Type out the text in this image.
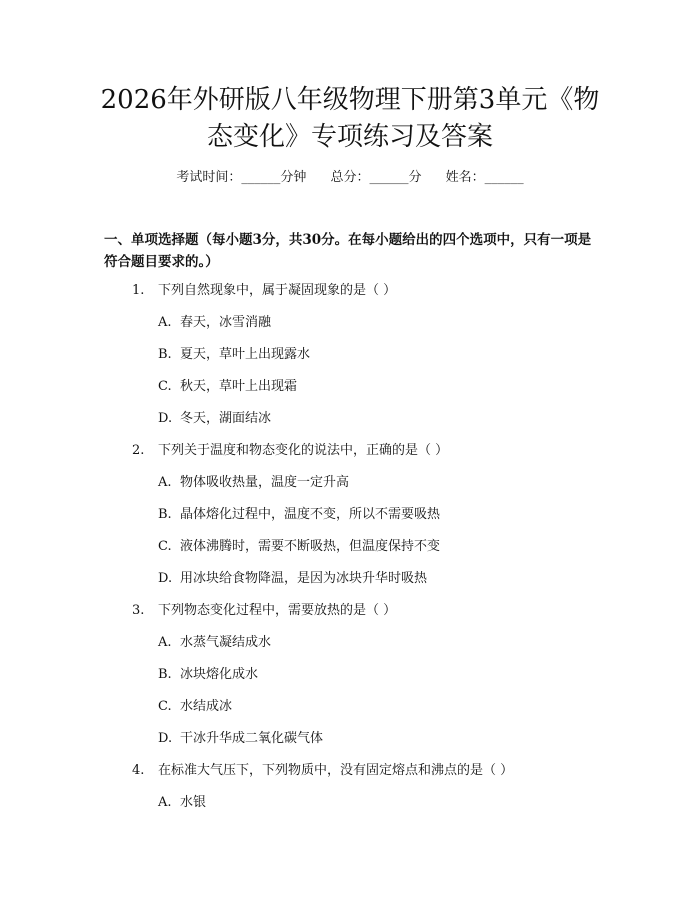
2026年外研版八年级物理下册第3单元《物
态变化》专项练习及答案
考试时间：______分钟 总分：______分 姓名：______

一、单项选择题（每小题3分，共30分。在每小题给出的四个选项中，只有一项是符合题目要求的。）

1. 下列自然现象中，属于凝固现象的是（ ）
A. 春天，冰雪消融
B. 夏天，草叶上出现露水
C. 秋天，草叶上出现霜
D. 冬天，湖面结冰
2. 下列关于温度和物态变化的说法中，正确的是（ ）
A. 物体吸收热量，温度一定升高
B. 晶体熔化过程中，温度不变，所以不需要吸热
C. 液体沸腾时，需要不断吸热，但温度保持不变
D. 用冰块给食物降温，是因为冰块升华时吸热
3. 下列物态变化过程中，需要放热的是（ ）
A. 水蒸气凝结成水
B. 冰块熔化成水
C. 水结成冰
D. 干冰升华成二氧化碳气体
4. 在标准大气压下，下列物质中，没有固定熔点和沸点的是（ ）
A. 水银
